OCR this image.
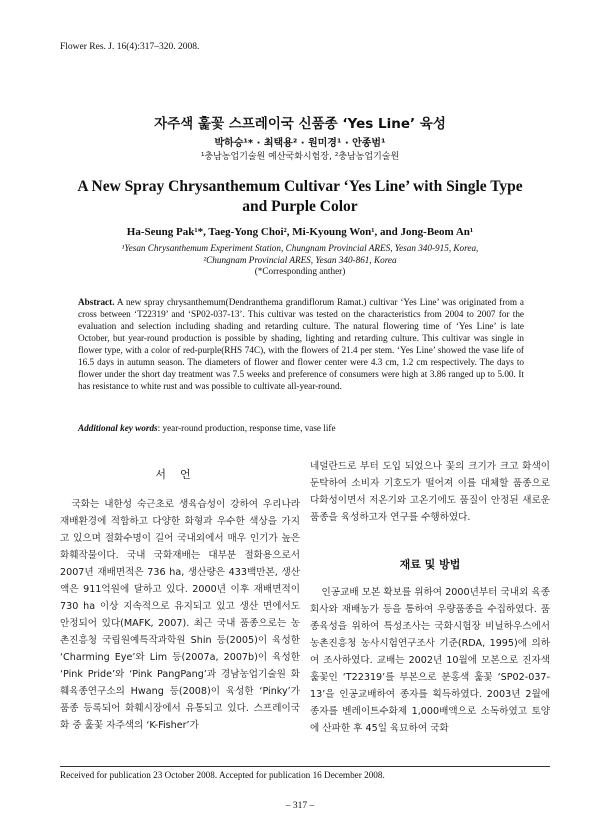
Flower Res. J. 16(4):317–320. 2008.
자주색 훑꽃 스프레이국 신품종 ‘Yes Line’ 육성
박하승¹* · 최택용² · 원미경¹ · 안종범¹
¹충남농업기술원 예산국화시험장, ²충남농업기술원
A New Spray Chrysanthemum Cultivar ‘Yes Line’ with Single Type
and Purple Color
Ha-Seung Pak¹*, Taeg-Yong Choi², Mi-Kyoung Won¹, and Jong-Beom An¹
¹Yesan Chrysanthemum Experiment Station, Chungnam Provincial ARES, Yesan 340-915, Korea,
²Chungnam Provincial ARES, Yesan 340-861, Korea
(*Corresponding anther)
Abstract. A new spray chrysanthemum(Dendranthema grandiflorum Ramat.) cultivar ‘Yes Line’ was originated from a cross between ‘T22319’ and ‘SP02-037-13’. This cultivar was tested on the characteristics from 2004 to 2007 for the evaluation and selection including shading and retarding culture. The natural flowering time of ‘Yes Line’ is late October, but year-round production is possible by shading, lighting and retarding culture. This cultivar was single in flower type, with a color of red-purple(RHS 74C), with the flowers of 21.4 per stem. ‘Yes Line’ showed the vase life of 16.5 days in autumn season. The diameters of flower and flower center were 4.3 cm, 1.2 cm respectively. The days to flower under the short day treatment was 7.5 weeks and preference of consumers were high at 3.86 ranged up to 5.00. It has resistance to white rust and was possible to cultivate all-year-round.
Additional key words: year-round production, response time, vase life
서언

국화는 내한성 숙근초로 생육습성이 강하여 우리나라 재배환경에 적합하고 다양한 화형과 우수한 색상을 가지고 있으며 절화수명이 길어 국내외에서 매우 인기가 높은 화훼작물이다. 국내 국화재배는 대부분 절화용으로서 2007년 재배면적은 736 ha, 생산량은 433백만본, 생산액은 911억원에 달하고 있다. 2000년 이후 재배면적이 730 ha 이상 지속적으로 유지되고 있고 생산 면에서도 안정되어 있다(MAFK, 2007). 최근 국내 품종으로는 농촌진흥청 국립원예특작과학원 Shin 등(2005)이 육성한 ‘Charming Eye’와 Lim 등(2007a, 2007b)이 육성한 ‘Pink Pride’와 ‘Pink PangPang’과 경남농업기술원 화훼육종연구소의 Hwang 등(2008)이 육성한 ‘Pinky’가 품종 등록되어 화훼시장에서 유통되고 있다. 스프레이국화 중 훑꽃 자주색의 ‘K-Fisher’가

네덜란드로 부터 도입 되었으나 꽃의 크기가 크고 화색이 둔탁하여 소비자 기호도가 떨어져 이를 대체할 품종으로 다화성이면서 저온기와 고온기에도 품질이 안정된 새로운 품종을 육성하고자 연구를 수행하였다.

재료 및 방법

인공교배 모본 확보를 위하여 2000년부터 국내외 육종회사와 재배농가 등을 통하여 우량품종을 수집하였다. 품종육성을 위하여 특성조사는 국화시험장 비닐하우스에서 농촌진흥청 농사시험연구조사 기준(RDA, 1995)에 의하여 조사하였다. 교배는 2002년 10월에 모본으로 진자색 훑꽃인 ‘T22319’를 부본으로 분홍색 훑꽃 ‘SP02-037-13’을 인공교배하여 종자를 획득하였다. 2003년 2월에 종자를 벤레이트수화제 1,000배액으로 소독하였고 토양에 산파한 후 45일 육묘하여 국화

Received for publication 23 October 2008. Accepted for publication 16 December 2008.
– 317 –
